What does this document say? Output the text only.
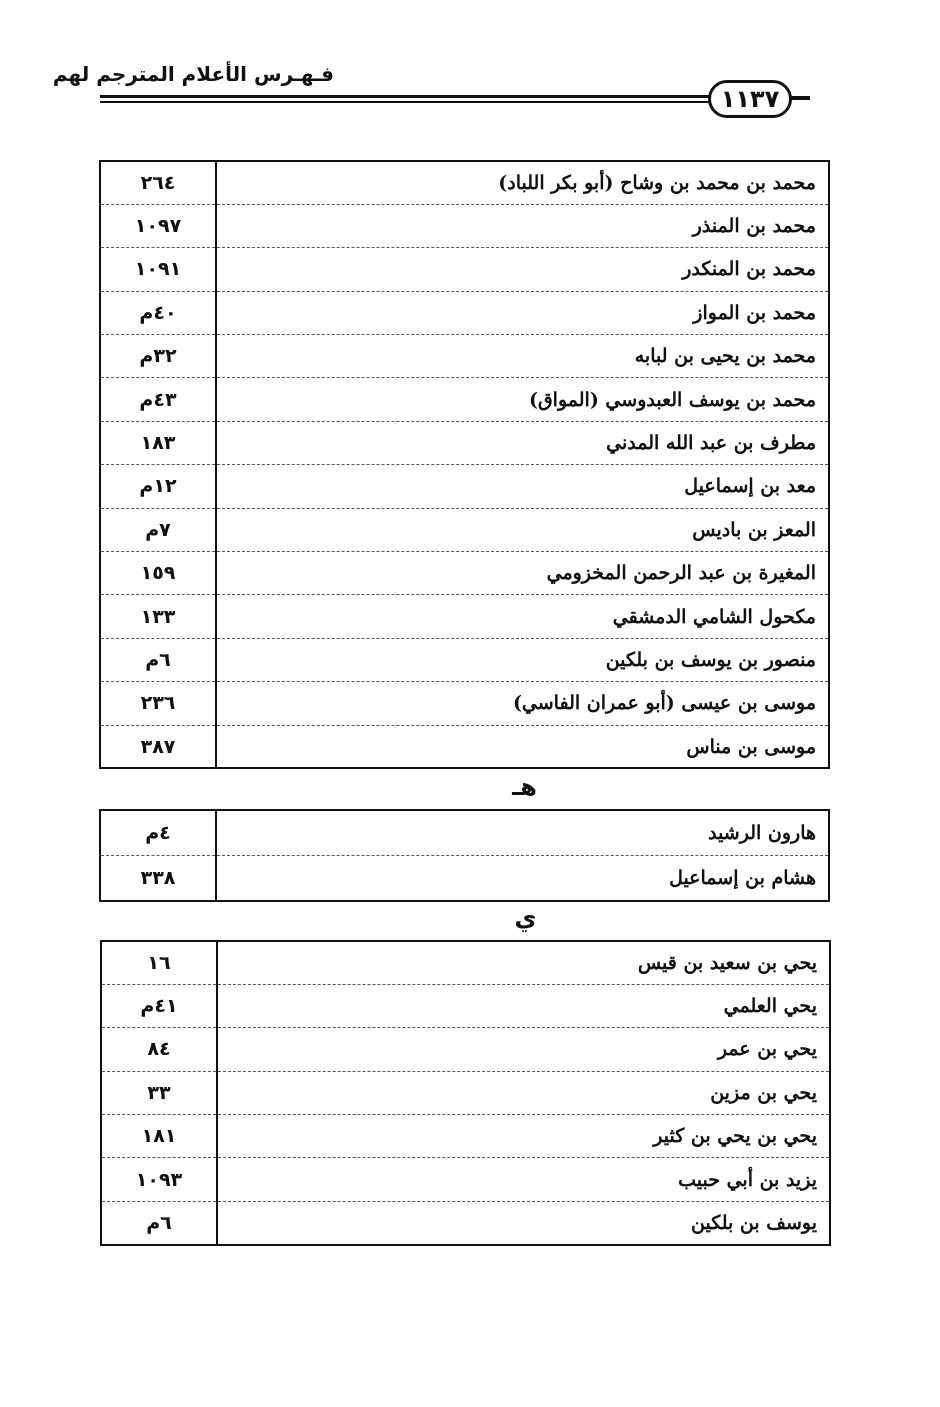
فـهـرس الأعلام المترجم لهم
١١٣٧
٢٦٤	محمد بن محمد بن وشاح (أبو بكر اللباد)
١٠٩٧	محمد بن المنذر
١٠٩١	محمد بن المنكدر
٤٠م	محمد بن المواز
٣٢م	محمد بن يحيى بن لبابه
٤٣م	محمد بن يوسف العبدوسي (المواق)
١٨٣	مطرف بن عبد الله المدني
١٢م	معد بن إسماعيل
٧م	المعز بن باديس
١٥٩	المغيرة بن عبد الرحمن المخزومي
١٣٣	مكحول الشامي الدمشقي
٦م	منصور بن يوسف بن بلكين
٢٣٦	موسى بن عيسى (أبو عمران الفاسي)
٣٨٧	موسى بن مناس
هـ
٤م	هارون الرشيد
٣٣٨	هشام بن إسماعيل
ي
١٦	يحي بن سعيد بن قيس
٤١م	يحي العلمي
٨٤	يحي بن عمر
٣٣	يحي بن مزين
١٨١	يحي بن يحي بن كثير
١٠٩٣	يزيد بن أبي حبيب
٦م	يوسف بن بلكين
